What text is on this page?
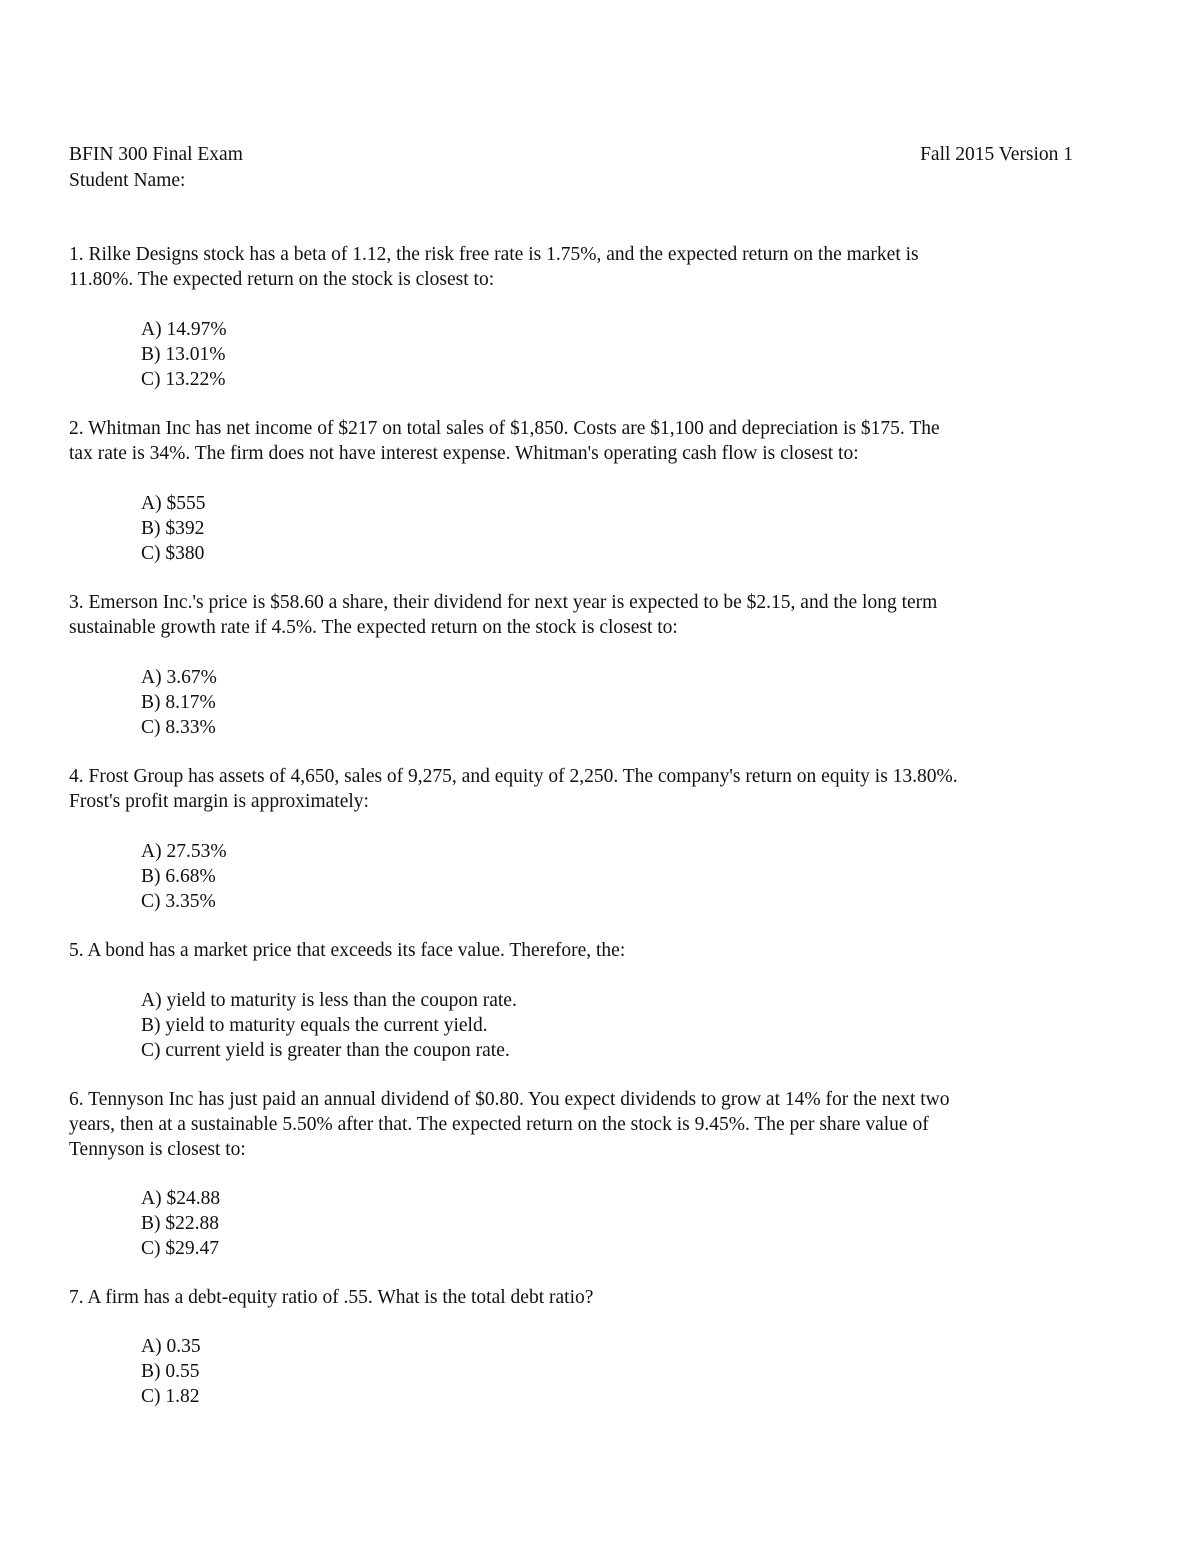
BFIN 300 Final Exam	Fall 2015 Version 1
Student Name:
1. Rilke Designs stock has a beta of 1.12, the risk free rate is 1.75%, and the expected return on the market is
11.80%. The expected return on the stock is closest to:
A) 14.97%
B) 13.01%
C) 13.22%
2. Whitman Inc has net income of $217 on total sales of $1,850. Costs are $1,100 and depreciation is $175. The
tax rate is 34%. The firm does not have interest expense. Whitman's operating cash flow is closest to:
A) $555
B) $392
C) $380
3. Emerson Inc.'s price is $58.60 a share, their dividend for next year is expected to be $2.15, and the long term
sustainable growth rate if 4.5%. The expected return on the stock is closest to:
A) 3.67%
B) 8.17%
C) 8.33%
4. Frost Group has assets of 4,650, sales of 9,275, and equity of 2,250. The company's return on equity is 13.80%.
Frost's profit margin is approximately:
A) 27.53%
B) 6.68%
C) 3.35%
5. A bond has a market price that exceeds its face value. Therefore, the:
A) yield to maturity is less than the coupon rate.
B) yield to maturity equals the current yield.
C) current yield is greater than the coupon rate.
6. Tennyson Inc has just paid an annual dividend of $0.80. You expect dividends to grow at 14% for the next two
years, then at a sustainable 5.50% after that. The expected return on the stock is 9.45%. The per share value of
Tennyson is closest to:
A) $24.88
B) $22.88
C) $29.47
7. A firm has a debt-equity ratio of .55. What is the total debt ratio?
A) 0.35
B) 0.55
C) 1.82
